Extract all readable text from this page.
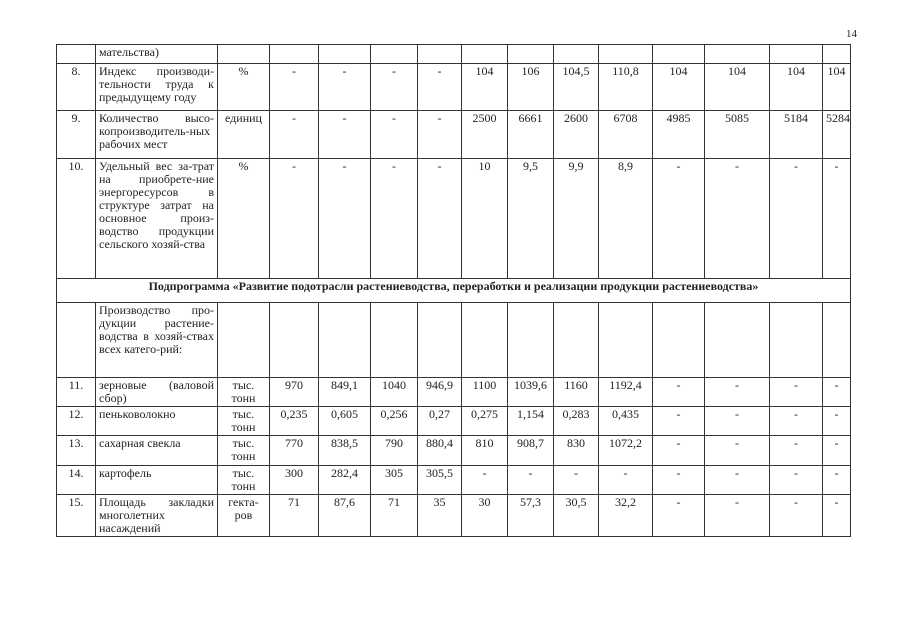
14
	мательства)													
8.	Индекс производи-тельности труда к предыдущему году	%	-	-	-	-	104	106	104,5	110,8	104	104	104	104
9.	Количество высо-копроизводитель-ных рабочих мест	единиц	-	-	-	-	2500	6661	2600	6708	4985	5085	5184	5284
10.	Удельный вес за-трат на приобрете-ние энергоресурсов в структуре затрат на основное произ-водство продукции сельского хозяй-ства	%	-	-	-	-	10	9,5	9,9	8,9	-	-	-	-
Подпрограмма «Развитие подотрасли растениеводства, переработки и реализации продукции растениеводства»														
	Производство про-дукции растение-водства в хозяй-ствах всех катего-рий:													
11.	зерновые (валовой сбор)	тыс. тонн	970	849,1	1040	946,9	1100	1039,6	1160	1192,4	-	-	-	-
12.	пеньковолокно	тыс. тонн	0,235	0,605	0,256	0,27	0,275	1,154	0,283	0,435	-	-	-	-
13.	сахарная свекла	тыс. тонн	770	838,5	790	880,4	810	908,7	830	1072,2	-	-	-	-
14.	картофель	тыс. тонн	300	282,4	305	305,5	-	-	-	-	-	-	-	-
15.	Площадь закладки многолетних насаждений	гекта-ров	71	87,6	71	35	30	57,3	30,5	32,2	-	-	-	-
